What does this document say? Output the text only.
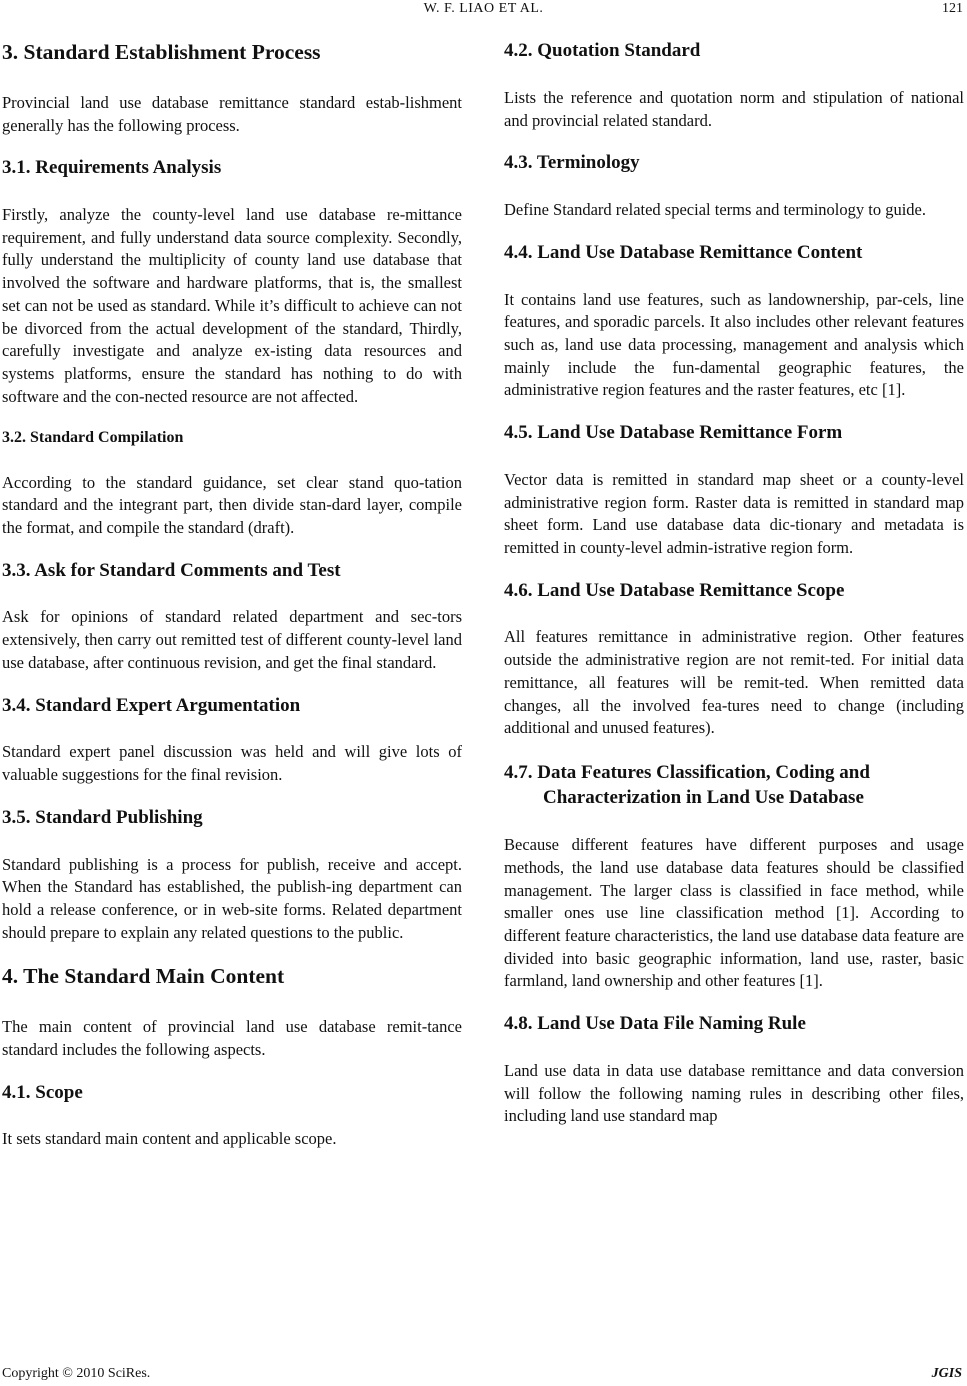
W. F. LIAO ET AL.	121
3. Standard Establishment Process

Provincial land use database remittance standard estab-lishment generally has the following process.

3.1. Requirements Analysis

Firstly, analyze the county-level land use database re-mittance requirement, and fully understand data source complexity. Secondly, fully understand the multiplicity of county land use database that involved the software and hardware platforms, that is, the smallest set can not be used as standard. While it’s difficult to achieve can not be divorced from the actual development of the standard, Thirdly, carefully investigate and analyze ex-isting data resources and systems platforms, ensure the standard has nothing to do with software and the con-nected resource are not affected.

3.2. Standard Compilation

According to the standard guidance, set clear stand quo-tation standard and the integrant part, then divide stan-dard layer, compile the format, and compile the standard (draft).

3.3. Ask for Standard Comments and Test

Ask for opinions of standard related department and sec-tors extensively, then carry out remitted test of different county-level land use database, after continuous revision, and get the final standard.

3.4. Standard Expert Argumentation

Standard expert panel discussion was held and will give lots of valuable suggestions for the final revision.

3.5. Standard Publishing

Standard publishing is a process for publish, receive and accept. When the Standard has established, the publish-ing department can hold a release conference, or in web-site forms. Related department should prepare to explain any related questions to the public.

4. The Standard Main Content

The main content of provincial land use database remit-tance standard includes the following aspects.

4.1. Scope

It sets standard main content and applicable scope.

4.2. Quotation Standard

Lists the reference and quotation norm and stipulation of national and provincial related standard.

4.3. Terminology

Define Standard related special terms and terminology to guide.

4.4. Land Use Database Remittance Content

It contains land use features, such as landownership, par-cels, line features, and sporadic parcels. It also includes other relevant features such as, land use data processing, management and analysis which mainly include the fun-damental geographic features, the administrative region features and the raster features, etc [1].

4.5. Land Use Database Remittance Form

Vector data is remitted in standard map sheet or a county-level administrative region form. Raster data is remitted in standard map sheet form. Land use database data dic-tionary and metadata is remitted in county-level admin-istrative region form.

4.6. Land Use Database Remittance Scope

All features remittance in administrative region. Other features outside the administrative region are not remit-ted. For initial data remittance, all features will be remit-ted. When remitted data changes, all the involved fea-tures need to change (including additional and unused features).

4.7. Data Features Classification, Coding and Characterization in Land Use Database

Because different features have different purposes and usage methods, the land use database data features should be classified management. The larger class is classified in face method, while smaller ones use line classification method [1]. According to different feature characteristics, the land use database data feature are divided into basic geographic information, land use, raster, basic farmland, land ownership and other features [1].

4.8. Land Use Data File Naming Rule

Land use data in data use database remittance and data conversion will follow the following naming rules in describing other files, including land use standard map

Copyright © 2010 SciRes.	JGIS
